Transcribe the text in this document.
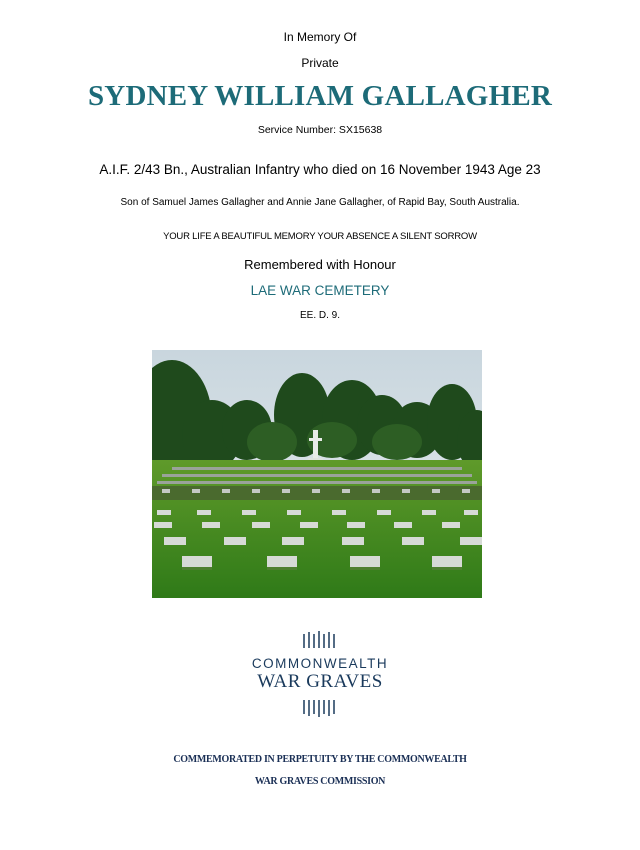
In Memory Of
Private
SYDNEY WILLIAM GALLAGHER
Service Number: SX15638
A.I.F. 2/43 Bn., Australian Infantry who died on 16 November 1943 Age 23
Son of Samuel James Gallagher and Annie Jane Gallagher, of Rapid Bay, South Australia.
YOUR LIFE A BEAUTIFUL MEMORY YOUR ABSENCE A SILENT SORROW
Remembered with Honour
LAE WAR CEMETERY
EE. D. 9.
COMMONWEALTH
WAR GRAVES
COMMEMORATED IN PERPETUITY BY THE COMMONWEALTH
WAR GRAVES COMMISSION
